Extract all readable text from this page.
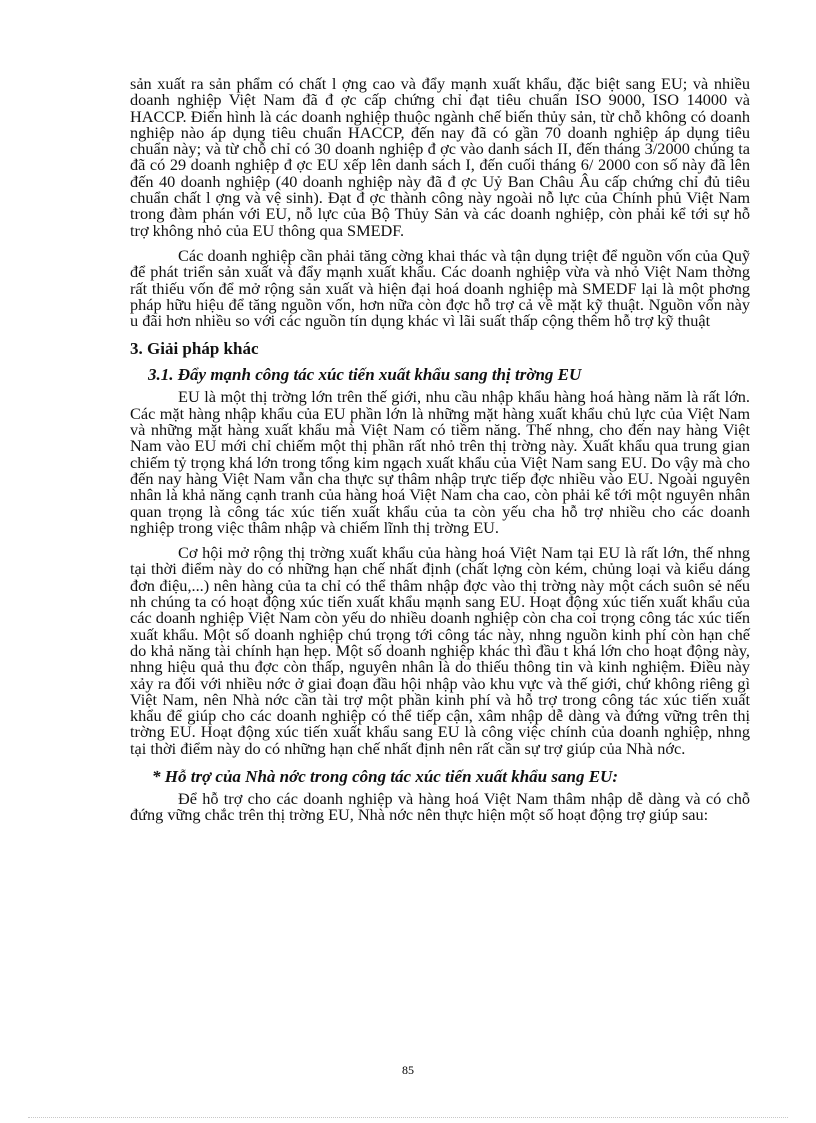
sản xuất ra sản phẩm có chất l ợng cao và đẩy mạnh xuất khẩu, đặc biệt sang EU; và nhiều doanh nghiệp Việt Nam đã đ ợc cấp chứng chỉ đạt tiêu chuẩn ISO 9000, ISO 14000 và HACCP. Điển hình là các doanh nghiệp thuộc ngành chế biến thủy sản, từ chỗ không có doanh nghiệp nào áp dụng tiêu chuẩn HACCP, đến nay đã có gần 70 doanh nghiệp áp dụng tiêu chuẩn này; và từ chỗ chỉ có 30 doanh nghiệp đ ợc vào danh sách II, đến tháng 3/2000 chúng ta đã có 29 doanh nghiệp đ ợc EU xếp lên danh sách I, đến cuối tháng 6/ 2000 con số này đã lên đến 40 doanh nghiệp (40 doanh nghiệp này đã đ ợc Uỷ Ban Châu Âu cấp chứng chỉ đủ tiêu chuẩn chất l ợng và vệ sinh). Đạt đ ợc thành công này ngoài nỗ lực của Chính phủ Việt Nam trong đàm phán với EU, nỗ lực của Bộ Thủy Sản và các doanh nghiệp, còn phải kể tới sự hỗ trợ không nhỏ của EU thông qua SMEDF.

Các doanh nghiệp cần phải tăng cờng khai thác và tận dụng triệt để nguồn vốn của Quỹ để phát triển sản xuất và đẩy mạnh xuất khẩu. Các doanh nghiệp vừa và nhỏ Việt Nam thờng rất thiếu vốn để mở rộng sản xuất và hiện đại hoá doanh nghiệp mà SMEDF lại là một phơng pháp hữu hiệu để tăng nguồn vốn, hơn nữa còn đợc hỗ trợ cả về mặt kỹ thuật. Nguồn vốn này u đãi hơn nhiều so với các nguồn tín dụng khác vì lãi suất thấp cộng thêm hỗ trợ kỹ thuật

3. Giải pháp khác
3.1. Đẩy mạnh công tác xúc tiến xuất khẩu sang thị trờng EU

EU là một thị trờng lớn trên thế giới, nhu cầu nhập khẩu hàng hoá hàng năm là rất lớn. Các mặt hàng nhập khẩu của EU phần lớn là những mặt hàng xuất khẩu chủ lực của Việt Nam và những mặt hàng xuất khẩu mà Việt Nam có tiềm năng. Thế nhng, cho đến nay hàng Việt Nam vào EU mới chỉ chiếm một thị phần rất nhỏ trên thị trờng này. Xuất khẩu qua trung gian chiếm tỷ trọng khá lớn trong tổng kim ngạch xuất khẩu của Việt Nam sang EU. Do vậy mà cho đến nay hàng Việt Nam vẫn cha thực sự thâm nhập trực tiếp đợc nhiều vào EU. Ngoài nguyên nhân là khả năng cạnh tranh của hàng hoá Việt Nam cha cao, còn phải kể tới một nguyên nhân quan trọng là công tác xúc tiến xuất khẩu của ta còn yếu cha hỗ trợ nhiều cho các doanh nghiệp trong việc thâm nhập và chiếm lĩnh thị trờng EU.

Cơ hội mở rộng thị trờng xuất khẩu của hàng hoá Việt Nam tại EU là rất lớn, thế nhng tại thời điểm này do có những hạn chế nhất định (chất lợng còn kém, chủng loại và kiểu dáng đơn điệu,...) nên hàng của ta chỉ có thể thâm nhập đợc vào thị trờng này một cách suôn sẻ nếu nh chúng ta có hoạt động xúc tiến xuất khẩu mạnh sang EU. Hoạt động xúc tiến xuất khẩu của các doanh nghiệp Việt Nam còn yếu do nhiều doanh nghiệp còn cha coi trọng công tác xúc tiến xuất khẩu. Một số doanh nghiệp chú trọng tới công tác này, nhng nguồn kinh phí còn hạn chế do khả năng tài chính hạn hẹp. Một số doanh nghiệp khác thì đầu t khá lớn cho hoạt động này, nhng hiệu quả thu đợc còn thấp, nguyên nhân là do thiếu thông tin và kinh nghiệm. Điều này xảy ra đối với nhiều nớc ở giai đoạn đầu hội nhập vào khu vực và thế giới, chứ không riêng gì Việt Nam, nên Nhà nớc cần tài trợ một phần kinh phí và hỗ trợ trong công tác xúc tiến xuất khẩu để giúp cho các doanh nghiệp có thể tiếp cận, xâm nhập dễ dàng và đứng vững trên thị trờng EU. Hoạt động xúc tiến xuất khẩu sang EU là công việc chính của doanh nghiệp, nhng tại thời điểm này do có những hạn chế nhất định nên rất cần sự trợ giúp của Nhà nớc.

* Hỗ trợ của Nhà nớc trong công tác xúc tiến xuất khẩu sang EU:

Để hỗ trợ cho các doanh nghiệp và hàng hoá Việt Nam thâm nhập dễ dàng và có chỗ đứng vững chắc trên thị trờng EU, Nhà nớc nên thực hiện một số hoạt động trợ giúp sau:

85
